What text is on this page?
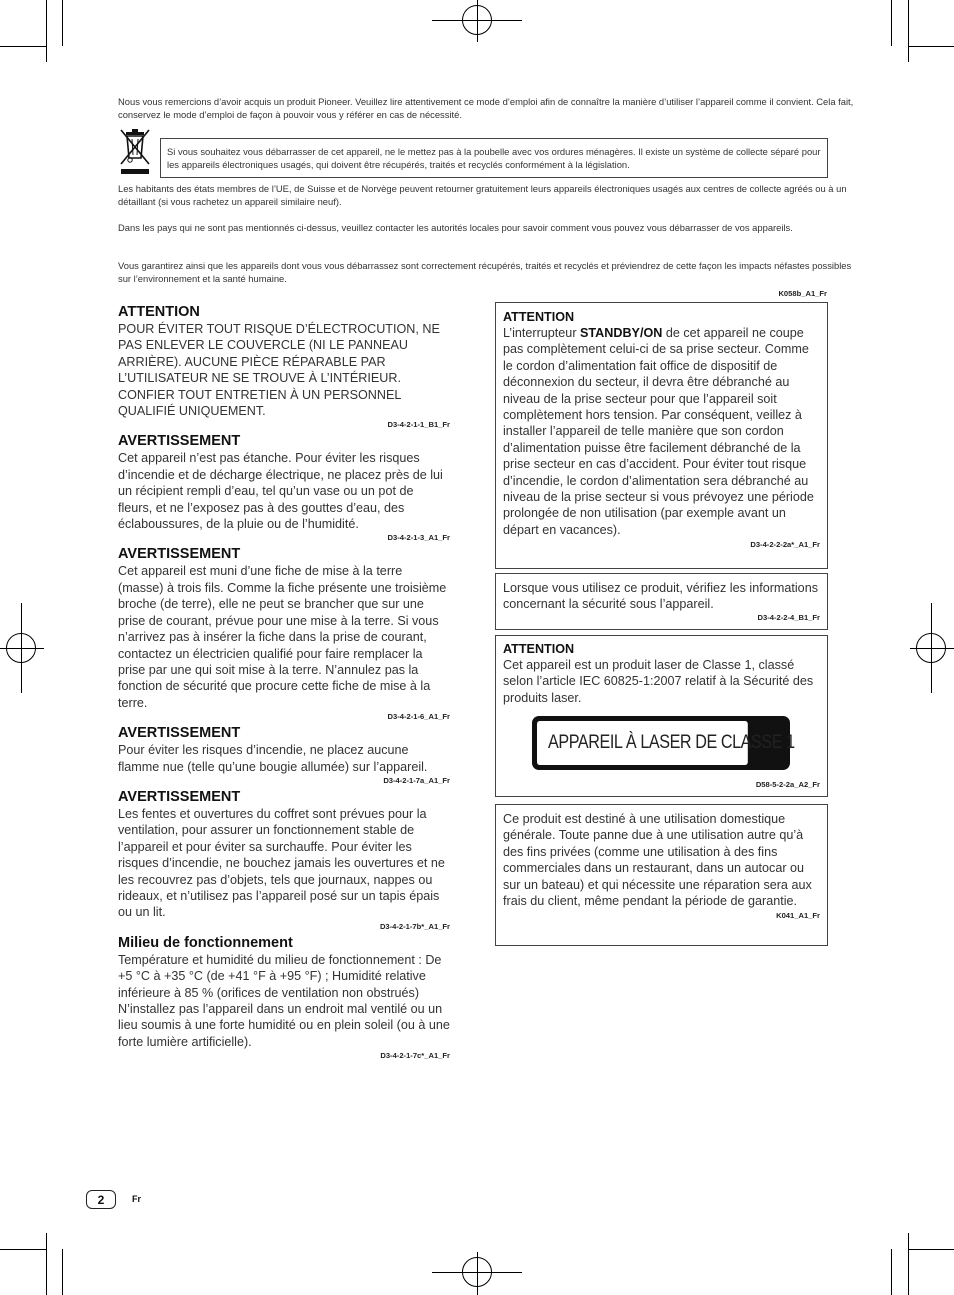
Nous vous remercions d’avoir acquis un produit Pioneer. Veuillez lire attentivement ce mode d’emploi afin de connaître la manière d’utiliser l’appareil comme il convient. Cela fait, conservez le mode d’emploi de façon à pouvoir vous y référer en cas de nécessité.
Si vous souhaitez vous débarrasser de cet appareil, ne le mettez pas à la poubelle avec vos ordures ménagères. Il existe un système de collecte séparé pour les appareils électroniques usagés, qui doivent être récupérés, traités et recyclés conformément à la législation.
Les habitants des états membres de l’UE, de Suisse et de Norvège peuvent retourner gratuitement leurs appareils électroniques usagés aux centres de collecte agréés ou à un détaillant (si vous rachetez un appareil similaire neuf).
Dans les pays qui ne sont pas mentionnés ci-dessus, veuillez contacter les autorités locales pour savoir comment vous pouvez vous débarrasser de vos appareils.
Vous garantirez ainsi que les appareils dont vous vous débarrassez sont correctement récupérés, traités et recyclés et préviendrez de cette façon les impacts néfastes possibles sur l’environnement et la santé humaine.
K058b_A1_Fr
ATTENTION
POUR ÉVITER TOUT RISQUE D’ÉLECTROCUTION, NE PAS ENLEVER LE COUVERCLE (NI LE PANNEAU ARRIÈRE). AUCUNE PIÈCE RÉPARABLE PAR L’UTILISATEUR NE SE TROUVE À L’INTÉRIEUR. CONFIER TOUT ENTRETIEN À UN PERSONNEL QUALIFIÉ UNIQUEMENT.
D3-4-2-1-1_B1_Fr
AVERTISSEMENT
Cet appareil n’est pas étanche. Pour éviter les risques d’incendie et de décharge électrique, ne placez près de lui un récipient rempli d’eau, tel qu’un vase ou un pot de fleurs, et ne l’exposez pas à des gouttes d’eau, des éclaboussures, de la pluie ou de l’humidité.
D3-4-2-1-3_A1_Fr
AVERTISSEMENT
Cet appareil est muni d’une fiche de mise à la terre (masse) à trois fils. Comme la fiche présente une troisième broche (de terre), elle ne peut se brancher que sur une prise de courant, prévue pour une mise à la terre. Si vous n’arrivez pas à insérer la fiche dans la prise de courant, contactez un électricien qualifié pour faire remplacer la prise par une qui soit mise à la terre. N’annulez pas la fonction de sécurité que procure cette fiche de mise à la terre.
D3-4-2-1-6_A1_Fr
AVERTISSEMENT
Pour éviter les risques d’incendie, ne placez aucune flamme nue (telle qu’une bougie allumée) sur l’appareil.
D3-4-2-1-7a_A1_Fr
AVERTISSEMENT
Les fentes et ouvertures du coffret sont prévues pour la ventilation, pour assurer un fonctionnement stable de l’appareil et pour éviter sa surchauffe. Pour éviter les risques d’incendie, ne bouchez jamais les ouvertures et ne les recouvrez pas d’objets, tels que journaux, nappes ou rideaux, et n’utilisez pas l’appareil posé sur un tapis épais ou un lit.
D3-4-2-1-7b*_A1_Fr
Milieu de fonctionnement
Température et humidité du milieu de fonctionnement : De +5 °C à +35 °C (de +41 °F à +95 °F) ; Humidité relative inférieure à 85 % (orifices de ventilation non obstrués)
N’installez pas l’appareil dans un endroit mal ventilé ou un lieu soumis à une forte humidité ou en plein soleil (ou à une forte lumière artificielle).
D3-4-2-1-7c*_A1_Fr
ATTENTION
L’interrupteur STANDBY/ON de cet appareil ne coupe pas complètement celui-ci de sa prise secteur. Comme le cordon d’alimentation fait office de dispositif de déconnexion du secteur, il devra être débranché au niveau de la prise secteur pour que l’appareil soit complètement hors tension. Par conséquent, veillez à installer l’appareil de telle manière que son cordon d’alimentation puisse être facilement débranché de la prise secteur en cas d’accident. Pour éviter tout risque d’incendie, le cordon d’alimentation sera débranché au niveau de la prise secteur si vous prévoyez une période prolongée de non utilisation (par exemple avant un départ en vacances).
D3-4-2-2-2a*_A1_Fr
Lorsque vous utilisez ce produit, vérifiez les informations concernant la sécurité sous l’appareil.
D3-4-2-2-4_B1_Fr
ATTENTION
Cet appareil est un produit laser de Classe 1, classé selon l’article IEC 60825-1:2007 relatif à la Sécurité des produits laser.
APPAREIL À LASER DE CLASSE 1
D58-5-2-2a_A2_Fr
Ce produit est destiné à une utilisation domestique générale. Toute panne due à une utilisation autre qu’à des fins privées (comme une utilisation à des fins commerciales dans un restaurant, dans un autocar ou sur un bateau) et qui nécessite une réparation sera aux frais du client, même pendant la période de garantie.
K041_A1_Fr
2	Fr
